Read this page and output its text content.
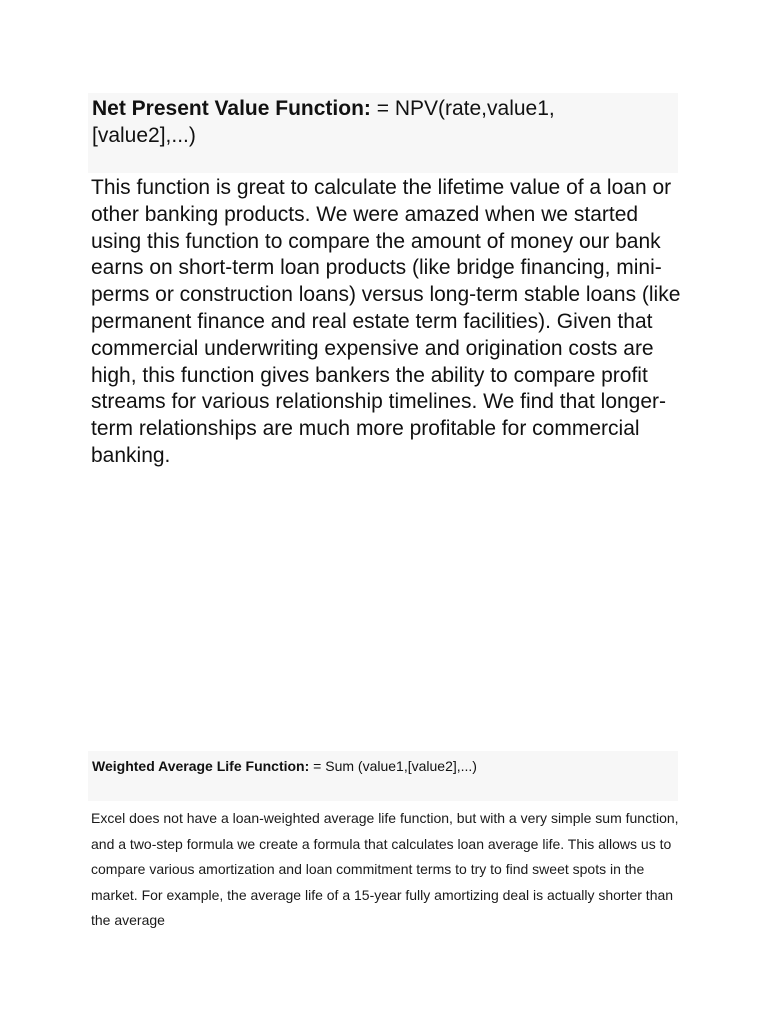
Net Present Value Function: = NPV(rate,value1,
[value2],...)

This function is great to calculate the lifetime value of a loan or other banking products. We were amazed when we started using this function to compare the amount of money our bank earns on short-term loan products (like bridge financing, mini-perms or construction loans) versus long-term stable loans (like permanent finance and real estate term facilities). Given that commercial underwriting expensive and origination costs are high, this function gives bankers the ability to compare profit streams for various relationship timelines. We find that longer-term relationships are much more profitable for commercial banking.

Weighted Average Life Function: = Sum (value1,[value2],...)

Excel does not have a loan-weighted average life function, but with a very simple sum function, and a two-step formula we create a formula that calculates loan average life. This allows us to compare various amortization and loan commitment terms to try to find sweet spots in the market. For example, the average life of a 15-year fully amortizing deal is actually shorter than the average
